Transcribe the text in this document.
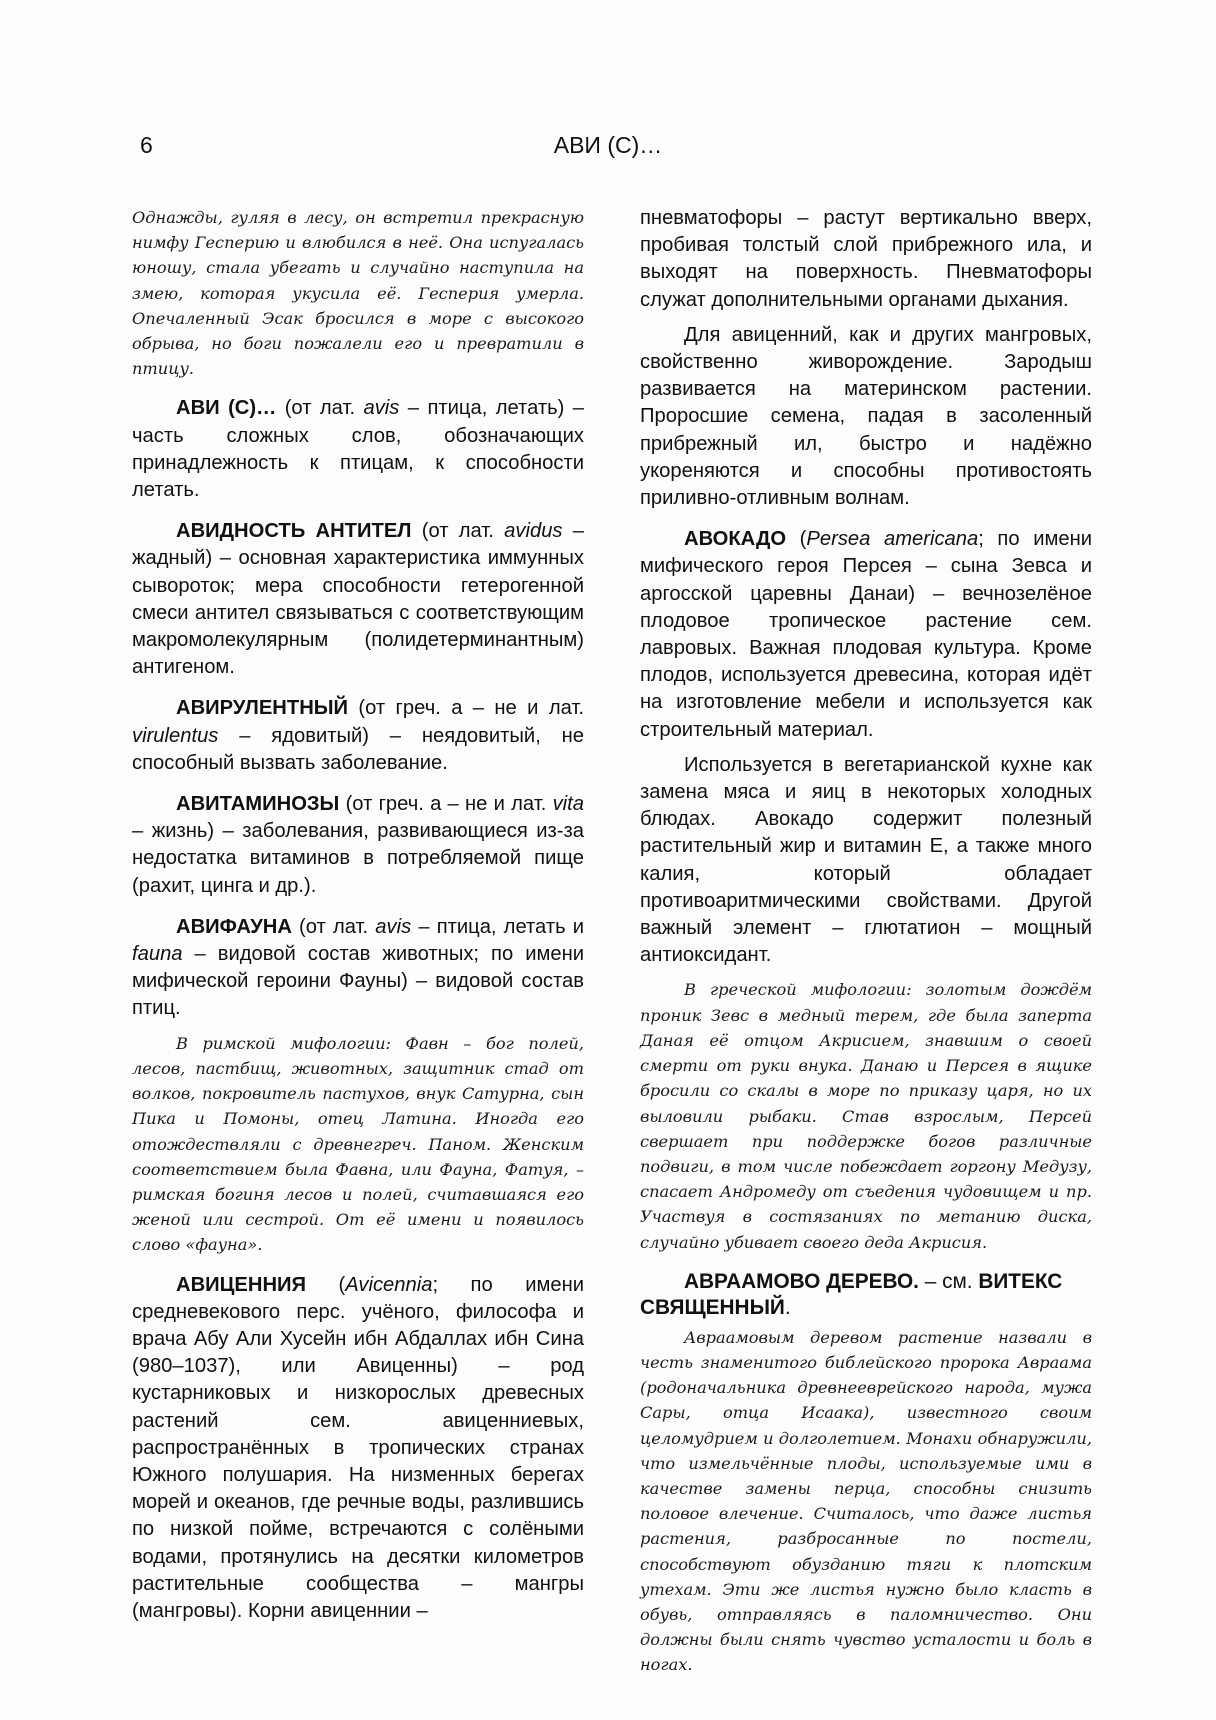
6	АВИ (С)…

Однажды, гуляя в лесу, он встретил прекрасную нимфу Гесперию и влюбился в неё. Она испугалась юношу, стала убегать и случайно наступила на змею, которая укусила её. Гесперия умерла. Опечаленный Эсак бросился в море с высокого обрыва, но боги пожалели его и превратили в птицу.

АВИ (С)… (от лат. avis – птица, летать) – часть сложных слов, обозначающих принадлежность к птицам, к способности летать.

АВИДНОСТЬ АНТИТЕЛ (от лат. avidus – жадный) – основная характеристика иммунных сывороток; мера способности гетерогенной смеси антител связываться с соответствующим макромолекулярным (полидетерминантным) антигеном.

АВИРУЛЕНТНЫЙ (от греч. а – не и лат. virulentus – ядовитый) – неядовитый, не способный вызвать заболевание.

АВИТАМИНОЗЫ (от греч. а – не и лат. vita – жизнь) – заболевания, развивающиеся из-за недостатка витаминов в потребляемой пище (рахит, цинга и др.).

АВИФАУНА (от лат. avis – птица, летать и fauna – видовой состав животных; по имени мифической героини Фауны) – видовой состав птиц.

В римской мифологии: Фавн – бог полей, лесов, пастбищ, животных, защитник стад от волков, покровитель пастухов, внук Сатурна, сын Пика и Помоны, отец Латина. Иногда его отождествляли с древнегреч. Паном. Женским соответствием была Фавна, или Фауна, Фатуя, – римская богиня лесов и полей, считавшаяся его женой или сестрой. От её имени и появилось слово «фауна».

АВИЦЕННИЯ (Avicennia; по имени средневекового перс. учёного, философа и врача Абу Али Хусейн ибн Абдаллах ибн Сина (980–1037), или Авиценны) – род кустарниковых и низкорослых древесных растений сем. авиценниевых, распространённых в тропических странах Южного полушария. На низменных берегах морей и океанов, где речные воды, разлившись по низкой пойме, встречаются с солёными водами, протянулись на десятки километров растительные сообщества – мангры (мангровы). Корни авиценнии –

пневматофоры – растут вертикально вверх, пробивая толстый слой прибрежного ила, и выходят на поверхность. Пневматофоры служат дополнительными органами дыхания.

Для авиценний, как и других мангровых, свойственно живорождение. Зародыш развивается на материнском растении. Проросшие семена, падая в засоленный прибрежный ил, быстро и надёжно укореняются и способны противостоять приливно-отливным волнам.

АВОКАДО (Persea americana; по имени мифического героя Персея – сына Зевса и аргосской царевны Данаи) – вечнозелёное плодовое тропическое растение сем. лавровых. Важная плодовая культура. Кроме плодов, используется древесина, которая идёт на изготовление мебели и используется как строительный материал.

Используется в вегетарианской кухне как замена мяса и яиц в некоторых холодных блюдах. Авокадо содержит полезный растительный жир и витамин Е, а также много калия, который обладает противоаритмическими свойствами. Другой важный элемент – глютатион – мощный антиоксидант.

В греческой мифологии: золотым дождём проник Зевс в медный терем, где была заперта Даная её отцом Акрисием, знавшим о своей смерти от руки внука. Данаю и Персея в ящике бросили со скалы в море по приказу царя, но их выловили рыбаки. Став взрослым, Персей свершает при поддержке богов различные подвиги, в том числе побеждает горгону Медузу, спасает Андромеду от съедения чудовищем и пр. Участвуя в состязаниях по метанию диска, случайно убивает своего деда Акрисия.

АВРААМОВО ДЕРЕВО. – см. ВИТЕКС СВЯЩЕННЫЙ.

Авраамовым деревом растение назвали в честь знаменитого библейского пророка Авраама (родоначальника древнееврейского народа, мужа Сары, отца Исаака), известного своим целомудрием и долголетием. Монахи обнаружили, что измельчённые плоды, используемые ими в качестве замены перца, способны снизить половое влечение. Считалось, что даже листья растения, разбросанные по постели, способствуют обузданию тяги к плотским утехам. Эти же листья нужно было класть в обувь, отправляясь в паломничество. Они должны были снять чувство усталости и боль в ногах.
